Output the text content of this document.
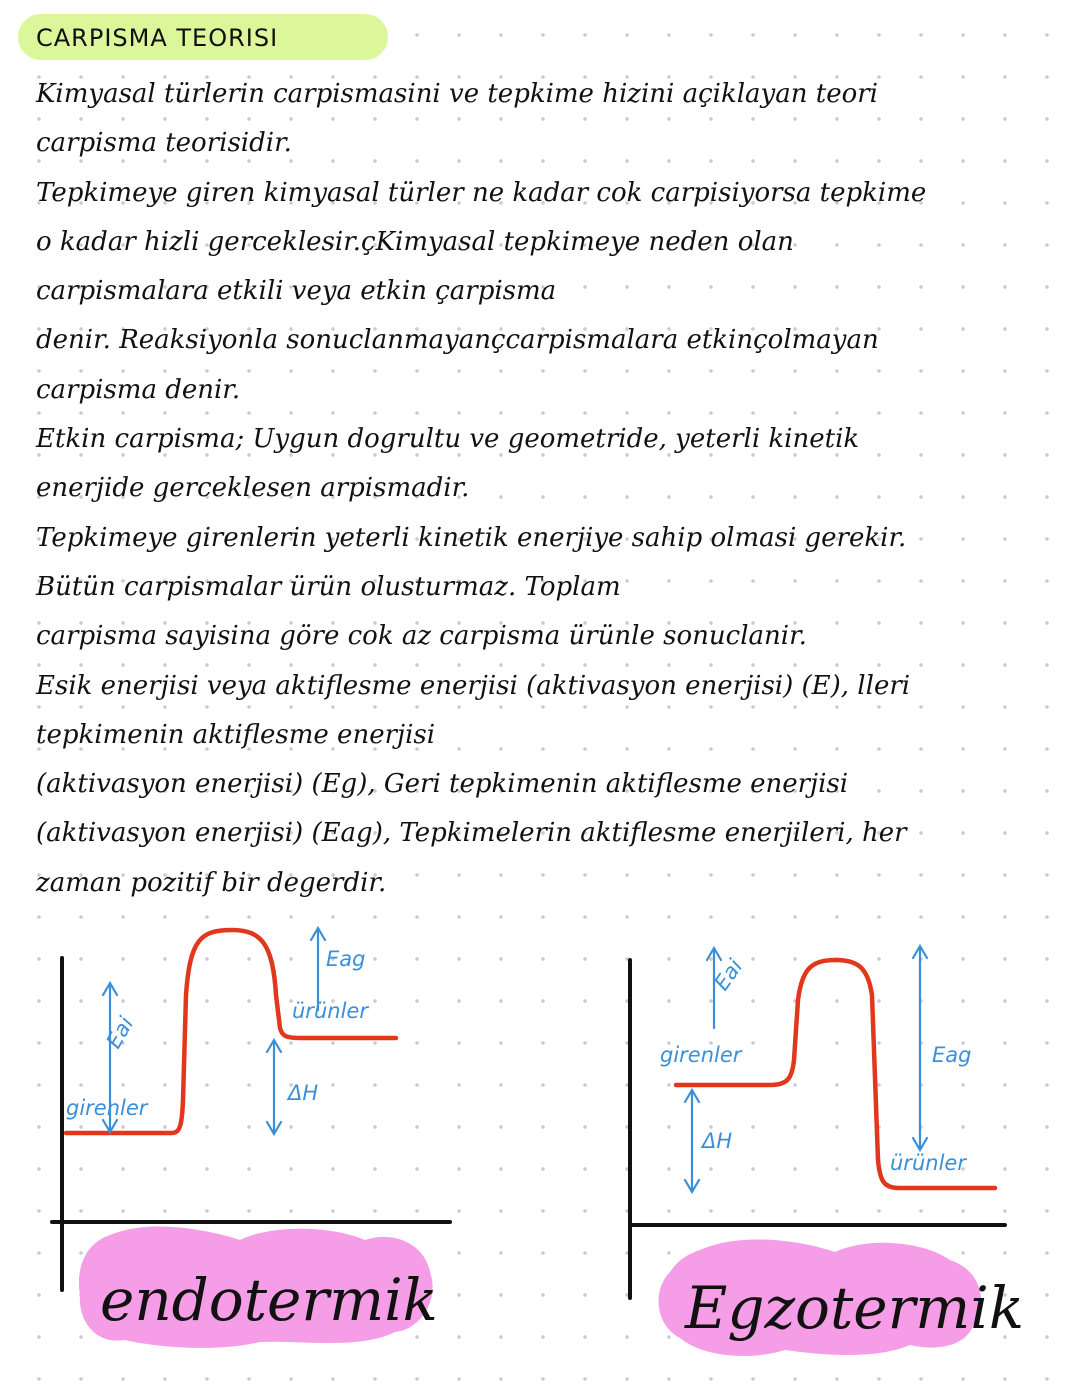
CARPISMA TEORISI
Kimyasal türlerin carpismasini ve tepkime hizini açiklayan teori
carpisma teorisidir.
Tepkimeye giren kimyasal türler ne kadar cok carpisiyorsa tepkime
o kadar hizli gerceklesir.çKimyasal tepkimeye neden olan
carpismalara etkili veya etkin çarpisma
denir. Reaksiyonla sonuclanmayançcarpismalara etkinçolmayan
carpisma denir.
Etkin carpisma; Uygun dogrultu ve geometride, yeterli kinetik
enerjide gerceklesen arpismadir.
Tepkimeye girenlerin yeterli kinetik enerjiye sahip olmasi gerekir.
Bütün carpismalar ürün olusturmaz. Toplam
carpisma sayisina göre cok az carpisma ürünle sonuclanir.
Esik enerjisi veya aktiflesme enerjisi (aktivasyon enerjisi) (E), lleri
tepkimenin aktiflesme enerjisi
(aktivasyon enerjisi) (Eg), Geri tepkimenin aktiflesme enerjisi
(aktivasyon enerjisi) (Eag), Tepkimelerin aktiflesme enerjileri, her
zaman pozitif bir degerdir.
Eai
Eag
ürünler
girenler
ΔH
endotermik
Eai
Eag
girenler
ürünler
ΔH
Egzotermik
